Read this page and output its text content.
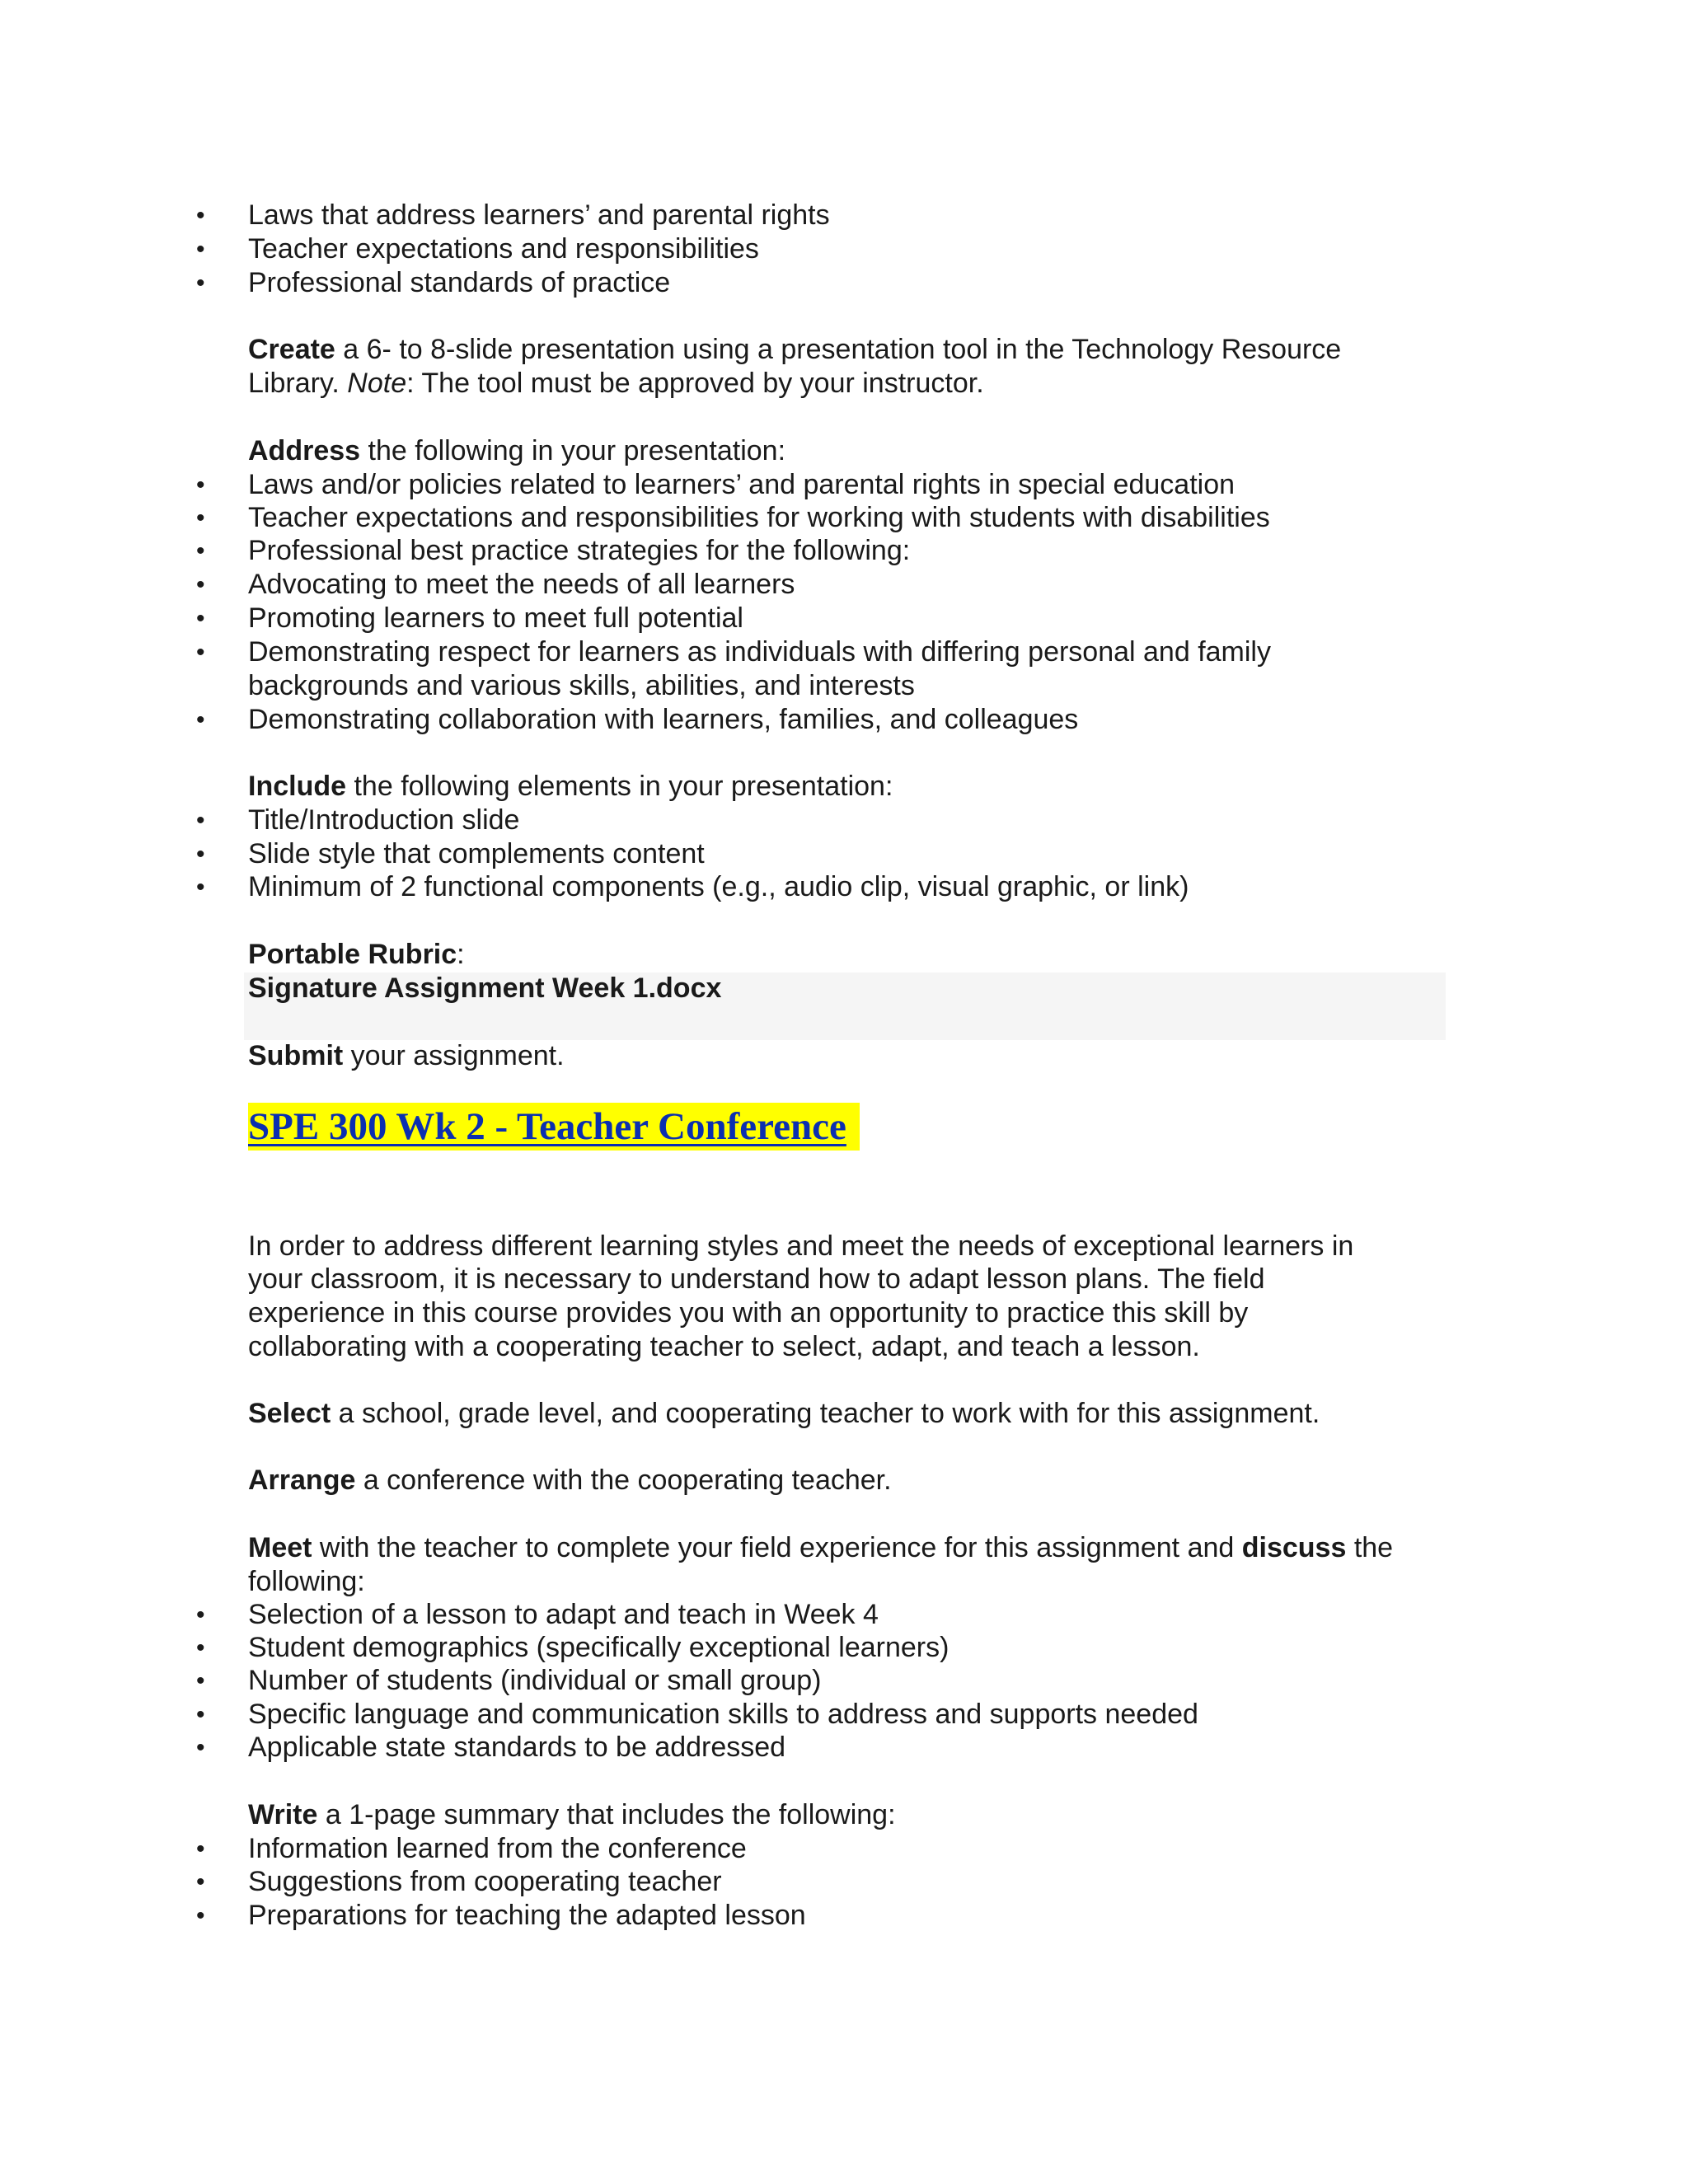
• Laws that address learners’ and parental rights
• Teacher expectations and responsibilities
• Professional standards of practice
Create a 6- to 8-slide presentation using a presentation tool in the Technology Resource
Library. Note: The tool must be approved by your instructor.
Address the following in your presentation:
• Laws and/or policies related to learners’ and parental rights in special education
• Teacher expectations and responsibilities for working with students with disabilities
• Professional best practice strategies for the following:
• Advocating to meet the needs of all learners
• Promoting learners to meet full potential
• Demonstrating respect for learners as individuals with differing personal and family
backgrounds and various skills, abilities, and interests
• Demonstrating collaboration with learners, families, and colleagues
Include the following elements in your presentation:
• Title/Introduction slide
• Slide style that complements content
• Minimum of 2 functional components (e.g., audio clip, visual graphic, or link)
Portable Rubric:
Signature Assignment Week 1.docx
Submit your assignment.
SPE 300 Wk 2 - Teacher Conference
In order to address different learning styles and meet the needs of exceptional learners in
your classroom, it is necessary to understand how to adapt lesson plans. The field
experience in this course provides you with an opportunity to practice this skill by
collaborating with a cooperating teacher to select, adapt, and teach a lesson.
Select a school, grade level, and cooperating teacher to work with for this assignment.
Arrange a conference with the cooperating teacher.
Meet with the teacher to complete your field experience for this assignment and discuss the
following:
• Selection of a lesson to adapt and teach in Week 4
• Student demographics (specifically exceptional learners)
• Number of students (individual or small group)
• Specific language and communication skills to address and supports needed
• Applicable state standards to be addressed
Write a 1-page summary that includes the following:
• Information learned from the conference
• Suggestions from cooperating teacher
• Preparations for teaching the adapted lesson
